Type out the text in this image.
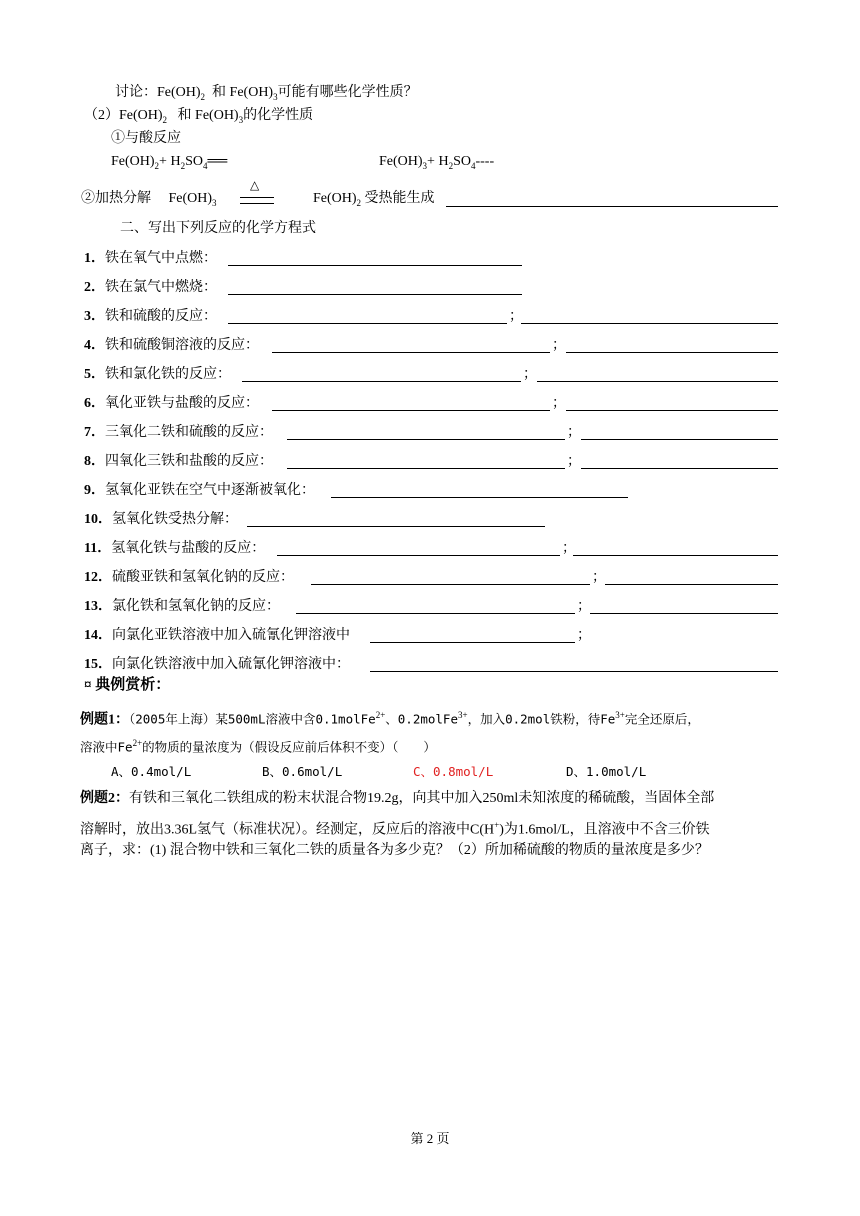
讨论：$Fe(OH)_2$ 和 $Fe(OH)_3$可能有哪些化学性质？
$(2)Fe(OH)_2$ 和 $Fe(OH)_3$的化学性质
①与酸反应
$Fe(OH)_2+$ $H_2SO_4══$	$Fe(OH)_3+ H_2SO_4----$
②加热分解 $Fe(OH)_3$
△
$Fe(OH)_2$ 受热能生成
二、写出下列反应的化学方程式
1．铁在氧气中点燃：
2．铁在氯气中燃烧：
3．铁和硫酸的反应：	；
4．铁和硫酸铜溶液的反应：	；
5．铁和氯化铁的反应：	；
6．氧化亚铁与盐酸的反应：	；
7．三氧化二铁和硫酸的反应：	；
8．四氧化三铁和盐酸的反应：	；
9．氢氧化亚铁在空气中逐渐被氧化：
10．氢氧化铁受热分解：
11．氢氧化铁与盐酸的反应：	；
12．硫酸亚铁和氢氧化钠的反应：	；
13．氯化铁和氢氧化钠的反应：	；
14．向氯化亚铁溶液中加入硫氰化钾溶液中	；
15．向氯化铁溶液中加入硫氰化钾溶液中：
¤ 典例赏析：
例题1：（2005年上海）某500mL溶液中含0.1molFe$^{2+}$、0.2molFe$^{3+}$，加入0.2mol铁粉，待$Fe^{3+}$完全还原后，
溶液中$Fe^{2+}$的物质的量浓度为（假设反应前后体积不变）（　　）
A、0.4mol/L	B、0.6mol/L	C、0.8mol/L	D、1.0mol/L
例题2：有铁和三氧化二铁组成的粉末状混合物19.2g，向其中加入250ml未知浓度的稀硫酸，当固体全部
溶解时，放出3.36L氢气（标准状况）。经测定，反应后的溶液中C(H+)为1.6mol/L，且溶液中不含三价铁
离子，求：(1) 混合物中铁和三氧化二铁的质量各为多少克？（2）所加稀硫酸的物质的量浓度是多少？
第 2 页
